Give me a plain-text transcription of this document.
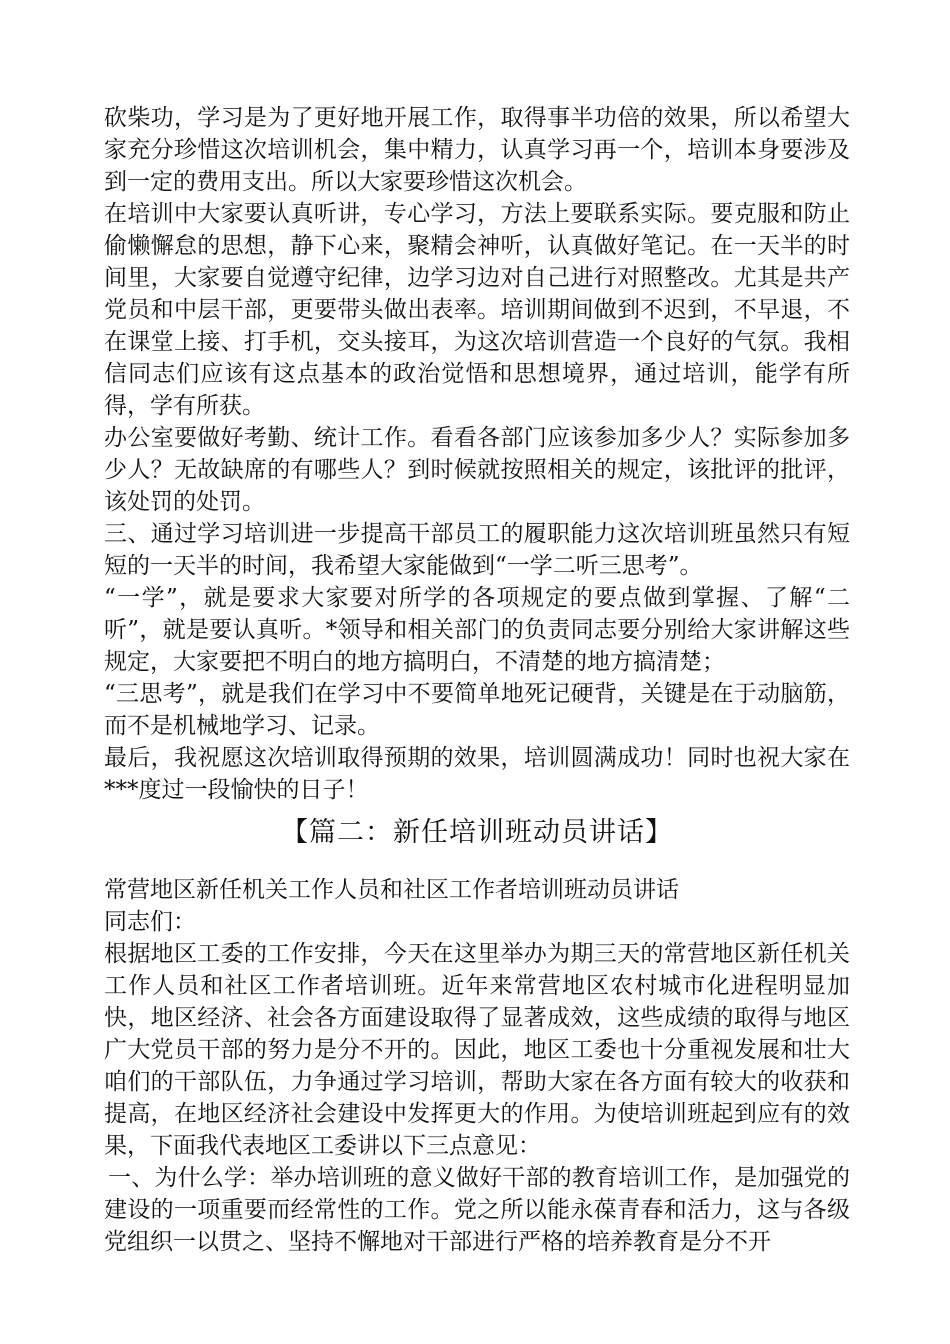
砍柴功，学习是为了更好地开展工作，取得事半功倍的效果，所以希望大家充分珍惜这次培训机会，集中精力，认真学习再一个，培训本身要涉及到一定的费用支出。所以大家要珍惜这次机会。

在培训中大家要认真听讲，专心学习，方法上要联系实际。要克服和防止偷懒懈怠的思想，静下心来，聚精会神听，认真做好笔记。在一天半的时间里，大家要自觉遵守纪律，边学习边对自己进行对照整改。尤其是共产党员和中层干部，更要带头做出表率。培训期间做到不迟到，不早退，不在课堂上接、打手机，交头接耳，为这次培训营造一个良好的气氛。我相信同志们应该有这点基本的政治觉悟和思想境界，通过培训，能学有所得，学有所获。

办公室要做好考勤、统计工作。看看各部门应该参加多少人？实际参加多少人？无故缺席的有哪些人？到时候就按照相关的规定，该批评的批评，该处罚的处罚。

三、通过学习培训进一步提高干部员工的履职能力这次培训班虽然只有短短的一天半的时间，我希望大家能做到“一学二听三思考”。

“一学”，就是要求大家要对所学的各项规定的要点做到掌握、了解“二听”，就是要认真听。*领导和相关部门的负责同志要分别给大家讲解这些规定，大家要把不明白的地方搞明白，不清楚的地方搞清楚；

“三思考”，就是我们在学习中不要简单地死记硬背，关键是在于动脑筋，而不是机械地学习、记录。

最后，我祝愿这次培训取得预期的效果，培训圆满成功！同时也祝大家在***度过一段愉快的日子！

【篇二：新任培训班动员讲话】

常营地区新任机关工作人员和社区工作者培训班动员讲话

同志们：

根据地区工委的工作安排，今天在这里举办为期三天的常营地区新任机关工作人员和社区工作者培训班。近年来常营地区农村城市化进程明显加快，地区经济、社会各方面建设取得了显著成效，这些成绩的取得与地区广大党员干部的努力是分不开的。因此，地区工委也十分重视发展和壮大咱们的干部队伍，力争通过学习培训，帮助大家在各方面有较大的收获和提高，在地区经济社会建设中发挥更大的作用。为使培训班起到应有的效果，下面我代表地区工委讲以下三点意见：

一、为什么学：举办培训班的意义做好干部的教育培训工作，是加强党的建设的一项重要而经常性的工作。党之所以能永葆青春和活力，这与各级党组织一以贯之、坚持不懈地对干部进行严格的培养教育是分不开
